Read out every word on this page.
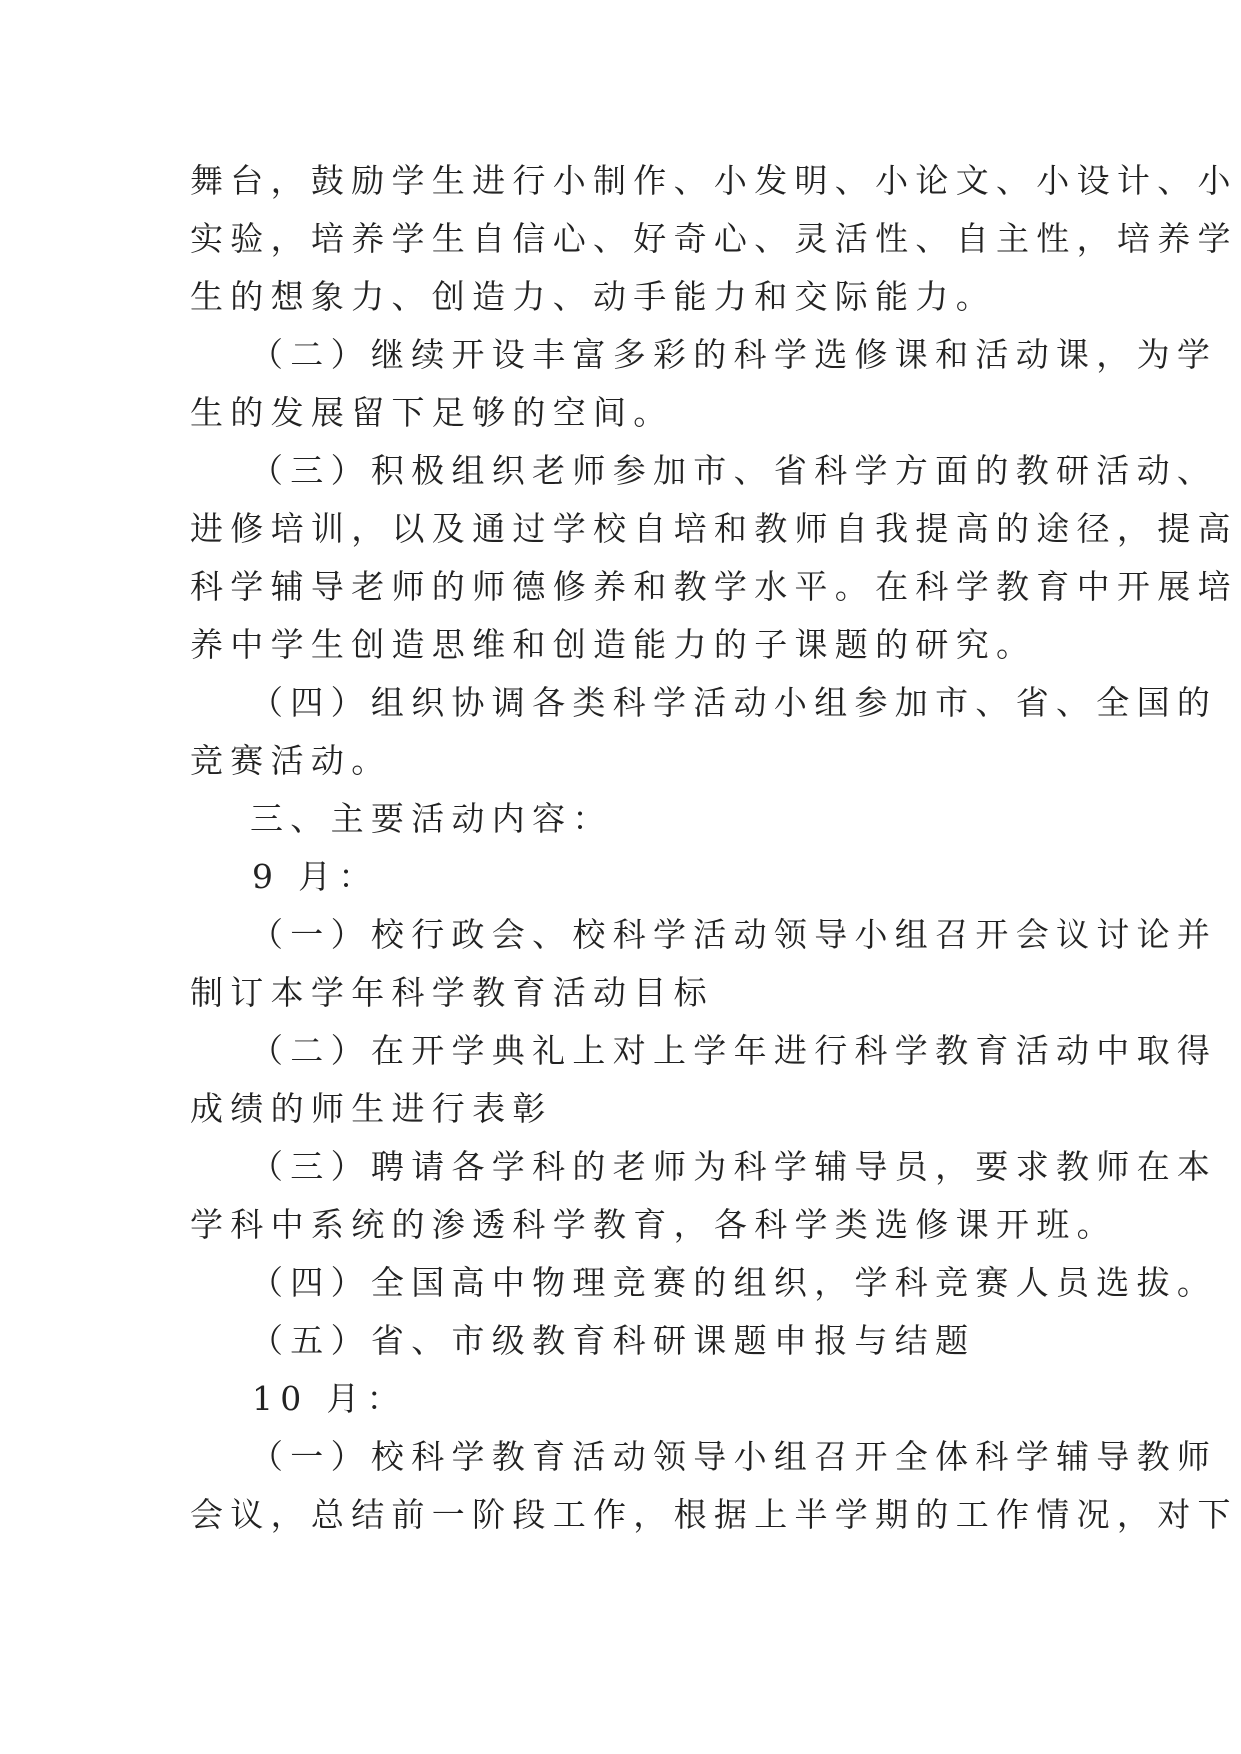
舞台，鼓励学生进行小制作、小发明、小论文、小设计、小
实验，培养学生自信心、好奇心、灵活性、自主性，培养学
生的想象力、创造力、动手能力和交际能力。
（二）继续开设丰富多彩的科学选修课和活动课，为学
生的发展留下足够的空间。
（三）积极组织老师参加市、省科学方面的教研活动、
进修培训，以及通过学校自培和教师自我提高的途径，提高
科学辅导老师的师德修养和教学水平。在科学教育中开展培
养中学生创造思维和创造能力的子课题的研究。
（四）组织协调各类科学活动小组参加市、省、全国的
竞赛活动。
三、主要活动内容：
9 月：
（一）校行政会、校科学活动领导小组召开会议讨论并
制订本学年科学教育活动目标
（二）在开学典礼上对上学年进行科学教育活动中取得
成绩的师生进行表彰
（三）聘请各学科的老师为科学辅导员，要求教师在本
学科中系统的渗透科学教育，各科学类选修课开班。
（四）全国高中物理竞赛的组织，学科竞赛人员选拔。
（五）省、市级教育科研课题申报与结题
10 月：
（一）校科学教育活动领导小组召开全体科学辅导教师
会议，总结前一阶段工作，根据上半学期的工作情况，对下
